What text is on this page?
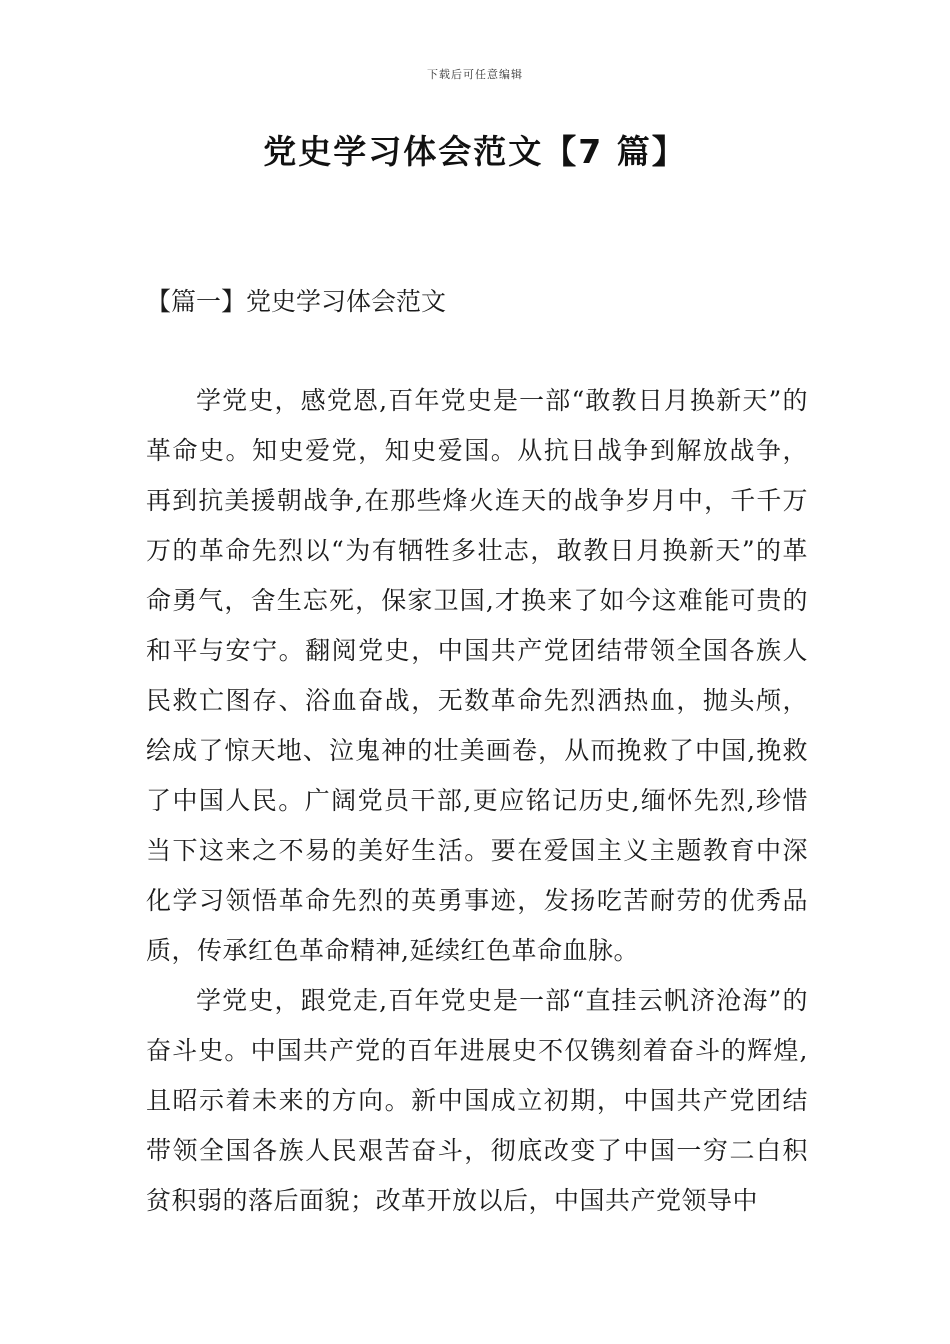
下载后可任意编辑
党史学习体会范文【7 篇】
【篇一】党史学习体会范文

学党史，感党恩,百年党史是一部“敢教日月换新天”的革命史。知史爱党，知史爱国。从抗日战争到解放战争，再到抗美援朝战争,在那些烽火连天的战争岁月中，千千万万的革命先烈以“为有牺牲多壮志，敢教日月换新天”的革命勇气，舍生忘死，保家卫国,才换来了如今这难能可贵的和平与安宁。翻阅党史，中国共产党团结带领全国各族人民救亡图存、浴血奋战，无数革命先烈洒热血，抛头颅，绘成了惊天地、泣鬼神的壮美画卷，从而挽救了中国,挽救了中国人民。广阔党员干部,更应铭记历史,缅怀先烈,珍惜当下这来之不易的美好生活。要在爱国主义主题教育中深化学习领悟革命先烈的英勇事迹，发扬吃苦耐劳的优秀品质，传承红色革命精神,延续红色革命血脉。

学党史，跟党走,百年党史是一部“直挂云帆济沧海”的奋斗史。中国共产党的百年进展史不仅镌刻着奋斗的辉煌,且昭示着未来的方向。新中国成立初期，中国共产党团结带领全国各族人民艰苦奋斗，彻底改变了中国一穷二白积贫积弱的落后面貌；改革开放以后，中国共产党领导中
